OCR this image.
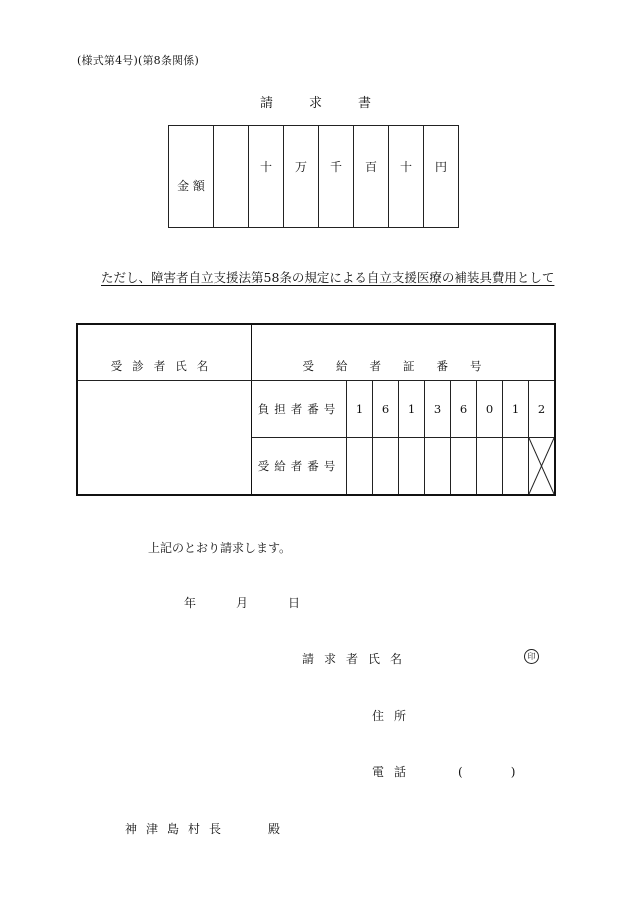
(様式第4号)(第8条関係)
請	求	書
金 額		十	万	千	百	十	円
ただし、障害者自立支援法第58条の規定による自立支援医療の補装具費用として
受診者氏名	受給者証番号								
	負担者番号	1	6	1	3	6	0	1	2
	受給者番号								
上記のとおり請求します。
年	月	日
請求者氏名	印
住所
電話	(	)
神津島村長	殿
